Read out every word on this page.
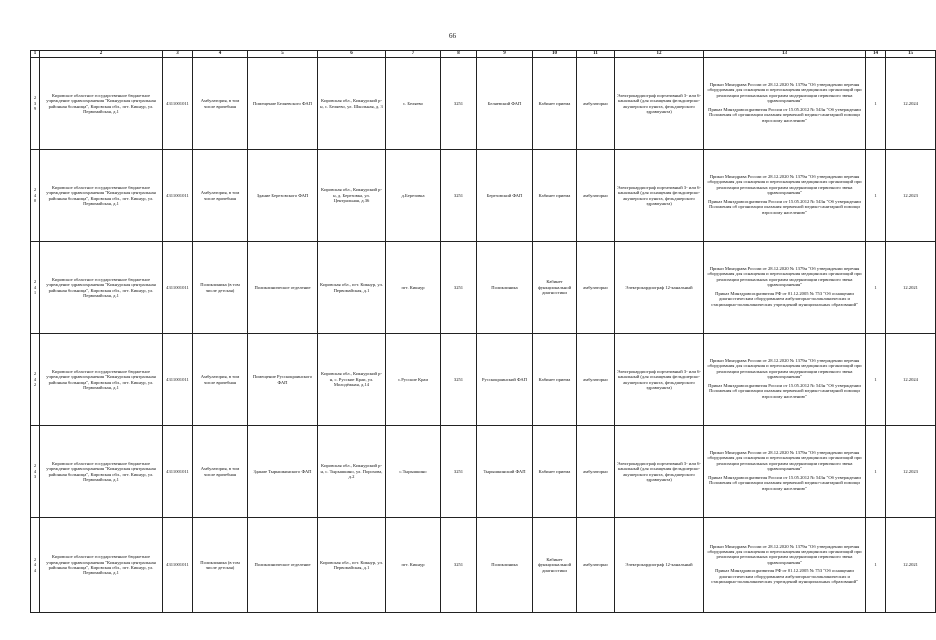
66
1	2	3	4	5	6	7	8	9	10	11	12	13	14	15
239	Кировское областное государственное бюджетное учреждение здравоохранения "Кикнурская центральная районная больница", Кировская обл., пгт. Кикнур, ул. Первомайская, д.1	4311001011	Амбулатория, в том числе врачебная	Помещение Беляевского ФАП	Кировская обл., Кикнурский р-н, с. Беляево, ул. Школьная, д. 3	с. Беляево	3251	Беляевский ФАП	Кабинет приема	амбулаторно	Электрокардиограф портативный 3- или 6-канальный (для оснащения фельдшерско-акушерского пункта, фельдшерского здравпункта)	Приказ Минздрава России от 28.12.2020 № 1379н "Об утверждении перечня оборудования для оснащения и переоснащения медицинских организаций при реализации региональных программ модернизации первичного звена здравоохранения"
Приказ Минздравсоцразвития России от 15.05.2012 № 543н "Об утверждении Положения об организации оказания первичной медико-санитарной помощи взрослому населению"	1	12.2024
240	Кировское областное государственное бюджетное учреждение здравоохранения "Кикнурская центральная районная больница", Кировская обл., пгт. Кикнур, ул. Первомайская, д.1	4311001011	Амбулатория, в том числе врачебная	Здание Березовского ФАП	Кировская обл., Кикнурский р-н, д. Березовка, ул. Центральная, д.36	д.Березовка	3251	Березовский ФАП	Кабинет приема	амбулаторно	Электрокардиограф портативный 3- или 6-канальный (для оснащения фельдшерско-акушерского пункта, фельдшерского здравпункта)	Приказ Минздрава России от 28.12.2020 № 1379н "Об утверждении перечня оборудования для оснащения и переоснащения медицинских организаций при реализации региональных программ модернизации первичного звена здравоохранения"
Приказ Минздравсоцразвития России от 15.05.2012 № 543н "Об утверждении Положения об организации оказания первичной медико-санитарной помощи взрослому населению"	1	12.2023
241	Кировское областное государственное бюджетное учреждение здравоохранения "Кикнурская центральная районная больница", Кировская обл., пгт. Кикнур, ул. Первомайская, д.1	4311001011	Поликлиника (в том числе детская)	Поликлиническое отделение	Кировская обл., пгт. Кикнур, ул. Первомайская, д.1	пгт. Кикнур	3251	Поликлиника	Кабинет функциональной диагностики	амбулаторно	Электрокардиограф 12-канальный	Приказ Минздрава России от 28.12.2020 № 1379н "Об утверждении перечня оборудования для оснащения и переоснащения медицинских организаций при реализации региональных программ модернизации первичного звена здравоохранения"
Приказ Минздравсоцразвития РФ от 01.12.2005 № 753 "Об оснащении диагностическим оборудованием амбулаторно-поликлинических и стационарно-поликлинических учреждений муниципальных образований"	1	12.2021
242	Кировское областное государственное бюджетное учреждение здравоохранения "Кикнурская центральная районная больница", Кировская обл., пгт. Кикнур, ул. Первомайская, д.1	4311001011	Амбулатория, в том числе врачебная	Помещение Русскокраинского ФАП	Кировская обл., Кикнурский р-н, с. Русские Краи, ул. Молодёжная, д.14	с.Русские Краи	3251	Русскокраинский ФАП	Кабинет приема	амбулаторно	Электрокардиограф портативный 3- или 6-канальный (для оснащения фельдшерско-акушерского пункта, фельдшерского здравпункта)	Приказ Минздрава России от 28.12.2020 № 1379н "Об утверждении перечня оборудования для оснащения и переоснащения медицинских организаций при реализации региональных программ модернизации первичного звена здравоохранения"
Приказ Минздравсоцразвития России от 15.05.2012 № 543н "Об утверждении Положения об организации оказания первичной медико-санитарной помощи взрослому населению"	1	12.2024
243	Кировское областное государственное бюджетное учреждение здравоохранения "Кикнурская центральная районная больница", Кировская обл., пгт. Кикнур, ул. Первомайская, д.1	4311001011	Амбулатория, в том числе врачебная	Здание Тырышкинского ФАП	Кировская обл., Кикнурский р-н, с. Тырышкино, ул. Порохова, д.2	с.Тырышкино	3251	Тырышкинский ФАП	Кабинет приема	амбулаторно	Электрокардиограф портативный 3- или 6-канальный (для оснащения фельдшерско-акушерского пункта, фельдшерского здравпункта)	Приказ Минздрава России от 28.12.2020 № 1379н "Об утверждении перечня оборудования для оснащения и переоснащения медицинских организаций при реализации региональных программ модернизации первичного звена здравоохранения"
Приказ Минздравсоцразвития России от 15.05.2012 № 543н "Об утверждении Положения об организации оказания первичной медико-санитарной помощи взрослому населению"	1	12.2023
244	Кировское областное государственное бюджетное учреждение здравоохранения "Кикнурская центральная районная больница", Кировская обл., пгт. Кикнур, ул. Первомайская, д.1	4311001011	Поликлиника (в том числе детская)	Поликлиническое отделение	Кировская обл., пгт. Кикнур, ул. Первомайская, д.1	пгт. Кикнур	3251	Поликлиника	Кабинет функциональной диагностики	амбулаторно	Электрокардиограф 12-канальный	Приказ Минздрава России от 28.12.2020 № 1379н "Об утверждении перечня оборудования для оснащения и переоснащения медицинских организаций при реализации региональных программ модернизации первичного звена здравоохранения"
Приказ Минздравсоцразвития РФ от 01.12.2005 № 753 "Об оснащении диагностическим оборудованием амбулаторно-поликлинических и стационарно-поликлинических учреждений муниципальных образований"	1	12.2021
